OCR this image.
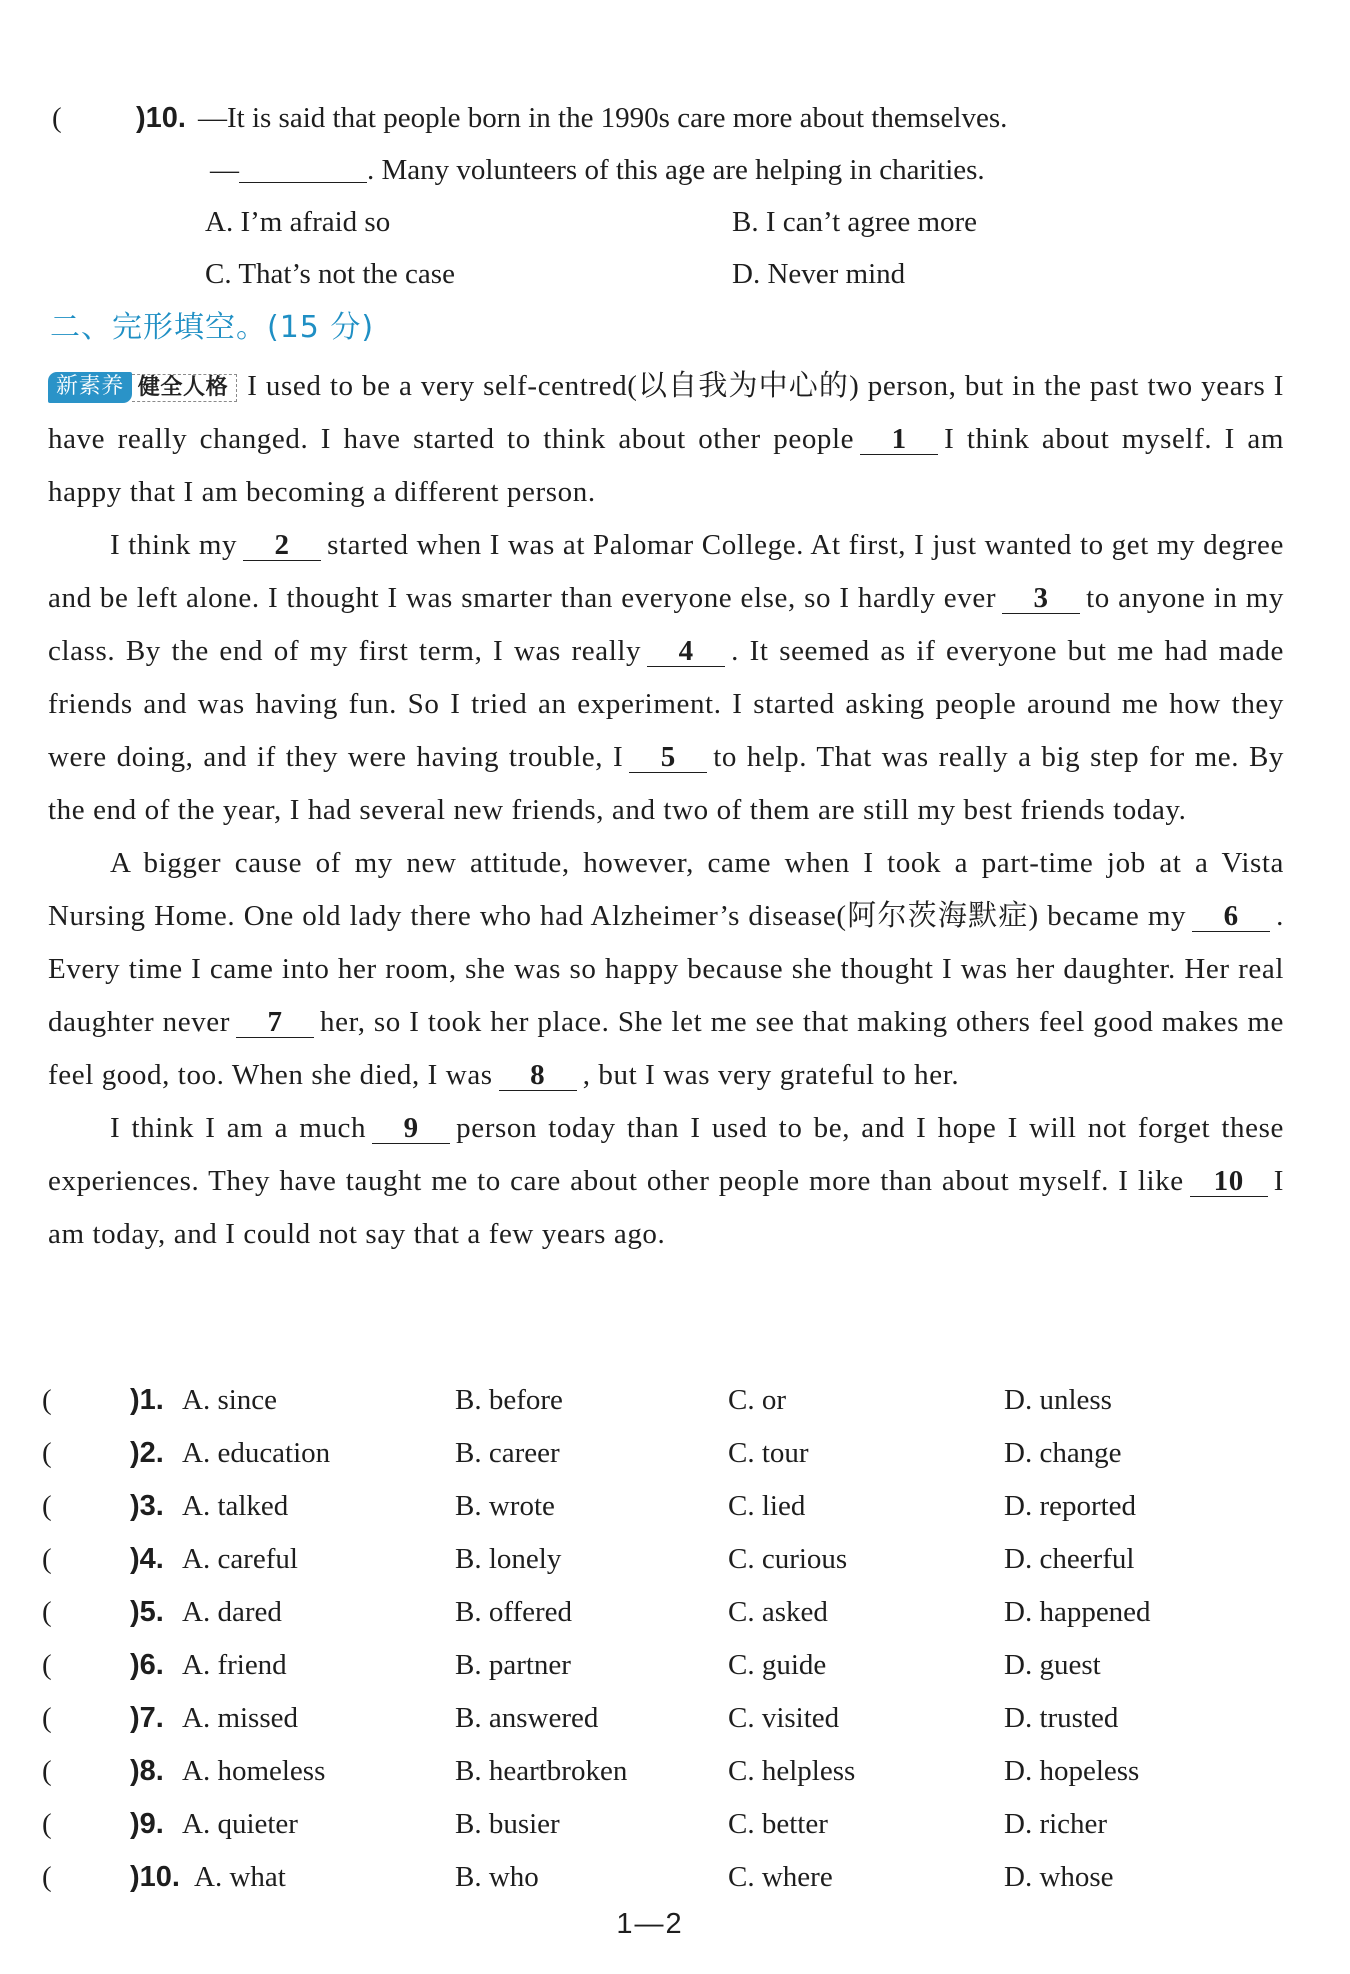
(	)10. —It is said that people born in the 1990s care more about themselves.
—	. Many volunteers of this age are helping in charities.
A. I’m afraid so	B. I can’t agree more
C. That’s not the case	D. Never mind
二、完形填空。(15 分)

新素养 健全人格 I used to be a very self-centred(以自我为中心的) person, but in the past two years I have really changed. I have started to think about other people 1 I think about myself. I am happy that I am becoming a different person.

I think my 2 started when I was at Palomar College. At first, I just wanted to get my degree and be left alone. I thought I was smarter than everyone else, so I hardly ever 3 to anyone in my class. By the end of my first term, I was really 4 . It seemed as if everyone but me had made friends and was having fun. So I tried an experiment. I started asking people around me how they were doing, and if they were having trouble, I 5 to help. That was really a big step for me. By the end of the year, I had several new friends, and two of them are still my best friends today.

A bigger cause of my new attitude, however, came when I took a part-time job at a Vista Nursing Home. One old lady there who had Alzheimer’s disease(阿尔茨海默症) became my 6 . Every time I came into her room, she was so happy because she thought I was her daughter. Her real daughter never 7 her, so I took her place. She let me see that making others feel good makes me feel good, too. When she died, I was 8 , but I was very grateful to her.

I think I am a much 9 person today than I used to be, and I hope I will not forget these experiences. They have taught me to care about other people more than about myself. I like 10 I am today, and I could not say that a few years ago.

(	)1. A. since	B. before	C. or	D. unless
(	)2. A. education	B. career	C. tour	D. change
(	)3. A. talked	B. wrote	C. lied	D. reported
(	)4. A. careful	B. lonely	C. curious	D. cheerful
(	)5. A. dared	B. offered	C. asked	D. happened
(	)6. A. friend	B. partner	C. guide	D. guest
(	)7. A. missed	B. answered	C. visited	D. trusted
(	)8. A. homeless	B. heartbroken	C. helpless	D. hopeless
(	)9. A. quieter	B. busier	C. better	D. richer
(	)10. A. what	B. who	C. where	D. whose
1—2
